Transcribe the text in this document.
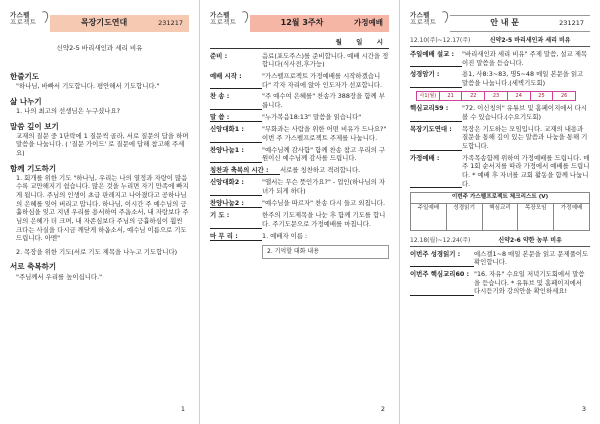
가스펠
프로젝트	목장기도연대	231217
신약2-5 바리새인과 세리 비유
한줄기도
"하나님, 바빠서 기도합니다. 평안해서 기도합니다."
삶 나누기
1. 나의 최고의 선생님은 누구셨나요?
말씀 깊이 보기
교재의 질문 중 1단락에 1 질문씩 골라, 서로 질문의 답을 하며 말씀을 나눕니다. ( '질문 가이드' 로 질문에 답해 참고해 주세요)
함께 기도하기
1. 회개를 위한 기도 "하나님, 우리는 나의 열정과 자랑이 많음수록 교만해지기 쉽습니다. 많은 것을 누리면 자기 만족에 빠지게 됩니다. 주님의 인생이 초급 판레지고 나아졌다고 공하나님의 은혜를 잊어 버리고 맙니다. 하나님, 이시간 주 예수님의 긍휼하심을 잊고 지낸 우리를 용서하여 주옵소서, 내 자랑보다 주님의 은혜가 더 크며, 내 자존심보다 주님의 긍휼하심이 훨씬 크다는 사실을 다시금 깨닫게 하옵소서, 예수님 이름으로 기도드립니다. 아멘"
2. 목장을 위한 기도(서로 기도 제목을 나누고 기도합니다)
서로 축복하기
"주님께서 우리를 높이십니다."
1
가스펠
프로젝트	12월 3주차	가정예배
월 일 시
준비 :	음료(포도주스)를 준비합니다. 예배 시간을 정합니다(식사전,후가능)
예배 시작 :	"가스펠프로젝트 가정예배를 시작하겠습니다" 각자 자리에 앉아 인도자가 선포합니다.
찬 송 :	"주 예수여 은혜를" 찬송가 388장을 함께 부릅니다.
말 씀 :	"누가복음18:13" 말씀을 읽습니다"
신앙대화1 :	"무화과는 사람을 위한 어떤 비유가 드나요?" 이번 주 가스펠프로젝트 주제를 나눕니다.
찬양나눔1 :	"예수님께 감사함" 함께 찬송 참고 우리의 구원이신 예수님께 감사를 드립니다.
칭찬과 축복의 시간 :	서로를 칭찬하고 격려합니다.
신앙대화2 :	"앨서는 무슨 뜻인가요?" - 업인(하나님의 자녀가 되게 하다)
찬양나눔2 :	"예수님을 따르자" 찬송 다시 들고 외칩니다.
기 도 :	한주의 기도제목을 나눈 후 함께 기도를 합니다. 주기도문으로 가정예배를 마칩니다.
마 무 리 :	1. 예배자 이름 :
2. 기억할 대화 내용
2
가스펠
프로젝트	안 내 문	231217
12.10(주)~12.17(주)	신약2-5 바리새인과 세리 비유
주일예배 설교 :	"바리새인과 세리 비유" 주제 말씀, 설교 제목이진 말씀을 듣습니다.
성경암기 :	용1, 사8:3~83, 명5~48 매일 본문을 읽고 말씀을 나눕니다.(세벽기도회)
사1(월)	21	22	23	24	25	26
핵심교리59 :	"72. 이신칭의" 유튜브 및 홈페이지에서 다시 볼 수 있습니다.(수요기도회)
목장기도연대 :	목장은 기도하는 모임입니다. 교재의 내용과 질문을 통해 깊이 있는 말씀과 나눔을 통해 기도합니다.
가정예배 :	가족목송함께 위하여 가정예배를 드립니다. 매주 1회 순서지를 따라 가정에서 예배를 드립니다. * 예배 후 자녀를 교회 활동을 함께 나눕니다.
이번주 가스펠프로젝트 체크리스트 (V)
주일예배	성경읽기	핵심교리	목장모임	가정예배
12.18(월)~12.24(주)	신약2-6 약한 농부 비유
이번주 성경읽기 :	에스겔1~8 매일 본문을 읽고 문제풀이도 확인합니다.
이번주 핵심교리60 : "16. 자유" 수요일 저녁기도회에서 말씀을 듣습니다. * 유튜브 및 홈페이지에서 다시듣기와 강의안을 확인하세요!
3
